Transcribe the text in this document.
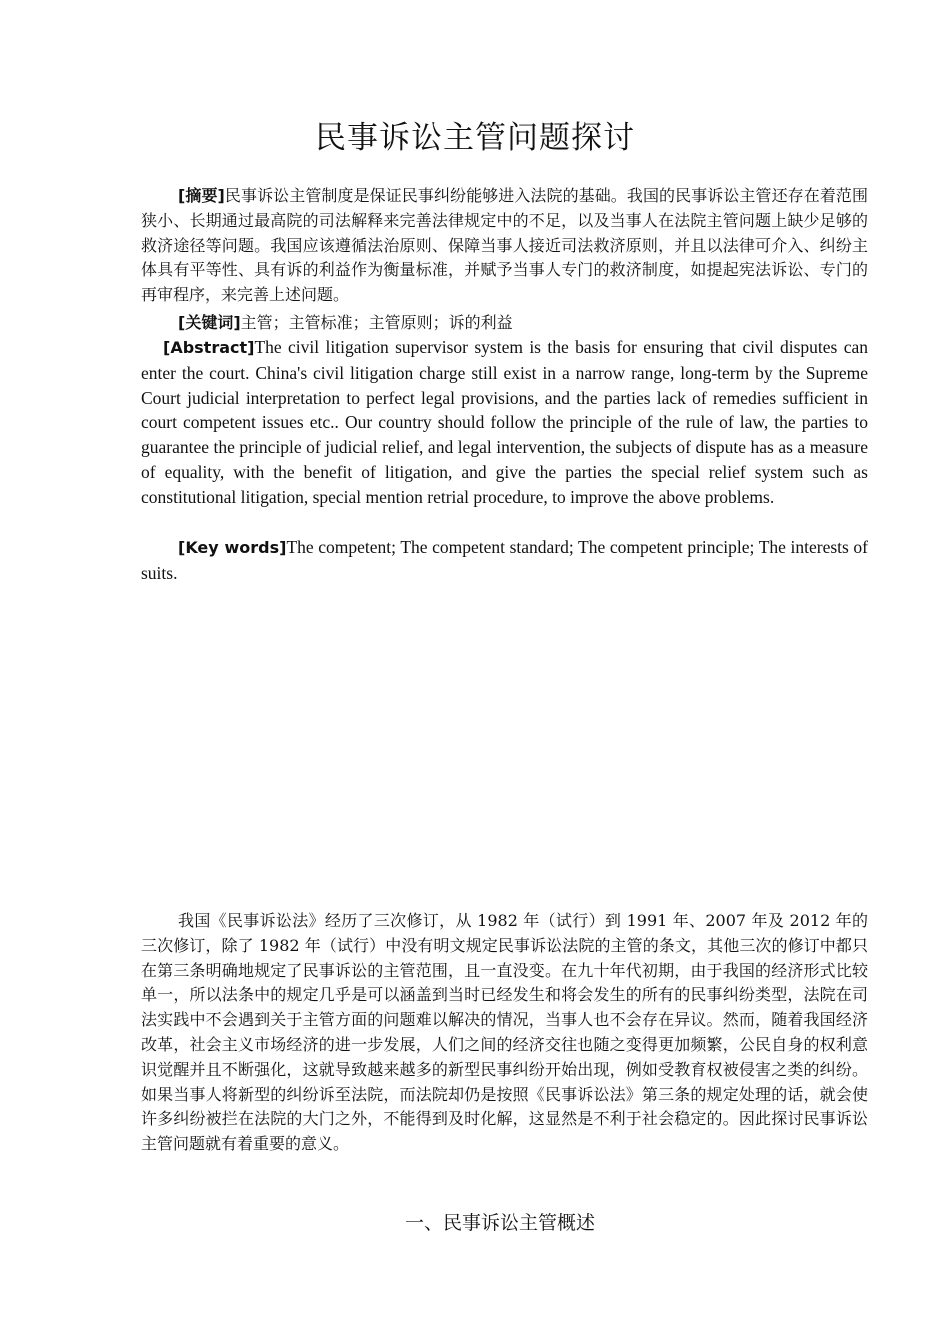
民事诉讼主管问题探讨

[摘要]民事诉讼主管制度是保证民事纠纷能够进入法院的基础。我国的民事诉讼主管还存在着范围狭小、长期通过最高院的司法解释来完善法律规定中的不足，以及当事人在法院主管问题上缺少足够的救济途径等问题。我国应该遵循法治原则、保障当事人接近司法救济原则，并且以法律可介入、纠纷主体具有平等性、具有诉的利益作为衡量标准，并赋予当事人专门的救济制度，如提起宪法诉讼、专门的再审程序，来完善上述问题。

[关键词]主管；主管标准；主管原则；诉的利益

[Abstract]The civil litigation supervisor system is the basis for ensuring that civil disputes can enter the court. China's civil litigation charge still exist in a narrow range, long-term by the Supreme Court judicial interpretation to perfect legal provisions, and the parties lack of remedies sufficient in court competent issues etc.. Our country should follow the principle of the rule of law, the parties to guarantee the principle of judicial relief, and legal intervention, the subjects of dispute has as a measure of equality, with the benefit of litigation, and give the parties the special relief system such as constitutional litigation, special mention retrial procedure, to improve the above problems.

[Key words]The competent; The competent standard; The competent principle; The interests of suits.

我国《民事诉讼法》经历了三次修订，从 1982 年（试行）到 1991 年、2007 年及 2012 年的三次修订，除了 1982 年（试行）中没有明文规定民事诉讼法院的主管的条文，其他三次的修订中都只在第三条明确地规定了民事诉讼的主管范围，且一直没变。在九十年代初期，由于我国的经济形式比较单一，所以法条中的规定几乎是可以涵盖到当时已经发生和将会发生的所有的民事纠纷类型，法院在司法实践中不会遇到关于主管方面的问题难以解决的情况，当事人也不会存在异议。然而，随着我国经济改革，社会主义市场经济的进一步发展，人们之间的经济交往也随之变得更加频繁，公民自身的权利意识觉醒并且不断强化，这就导致越来越多的新型民事纠纷开始出现，例如受教育权被侵害之类的纠纷。如果当事人将新型的纠纷诉至法院，而法院却仍是按照《民事诉讼法》第三条的规定处理的话，就会使许多纠纷被拦在法院的大门之外，不能得到及时化解，这显然是不利于社会稳定的。因此探讨民事诉讼主管问题就有着重要的意义。

一、民事诉讼主管概述
